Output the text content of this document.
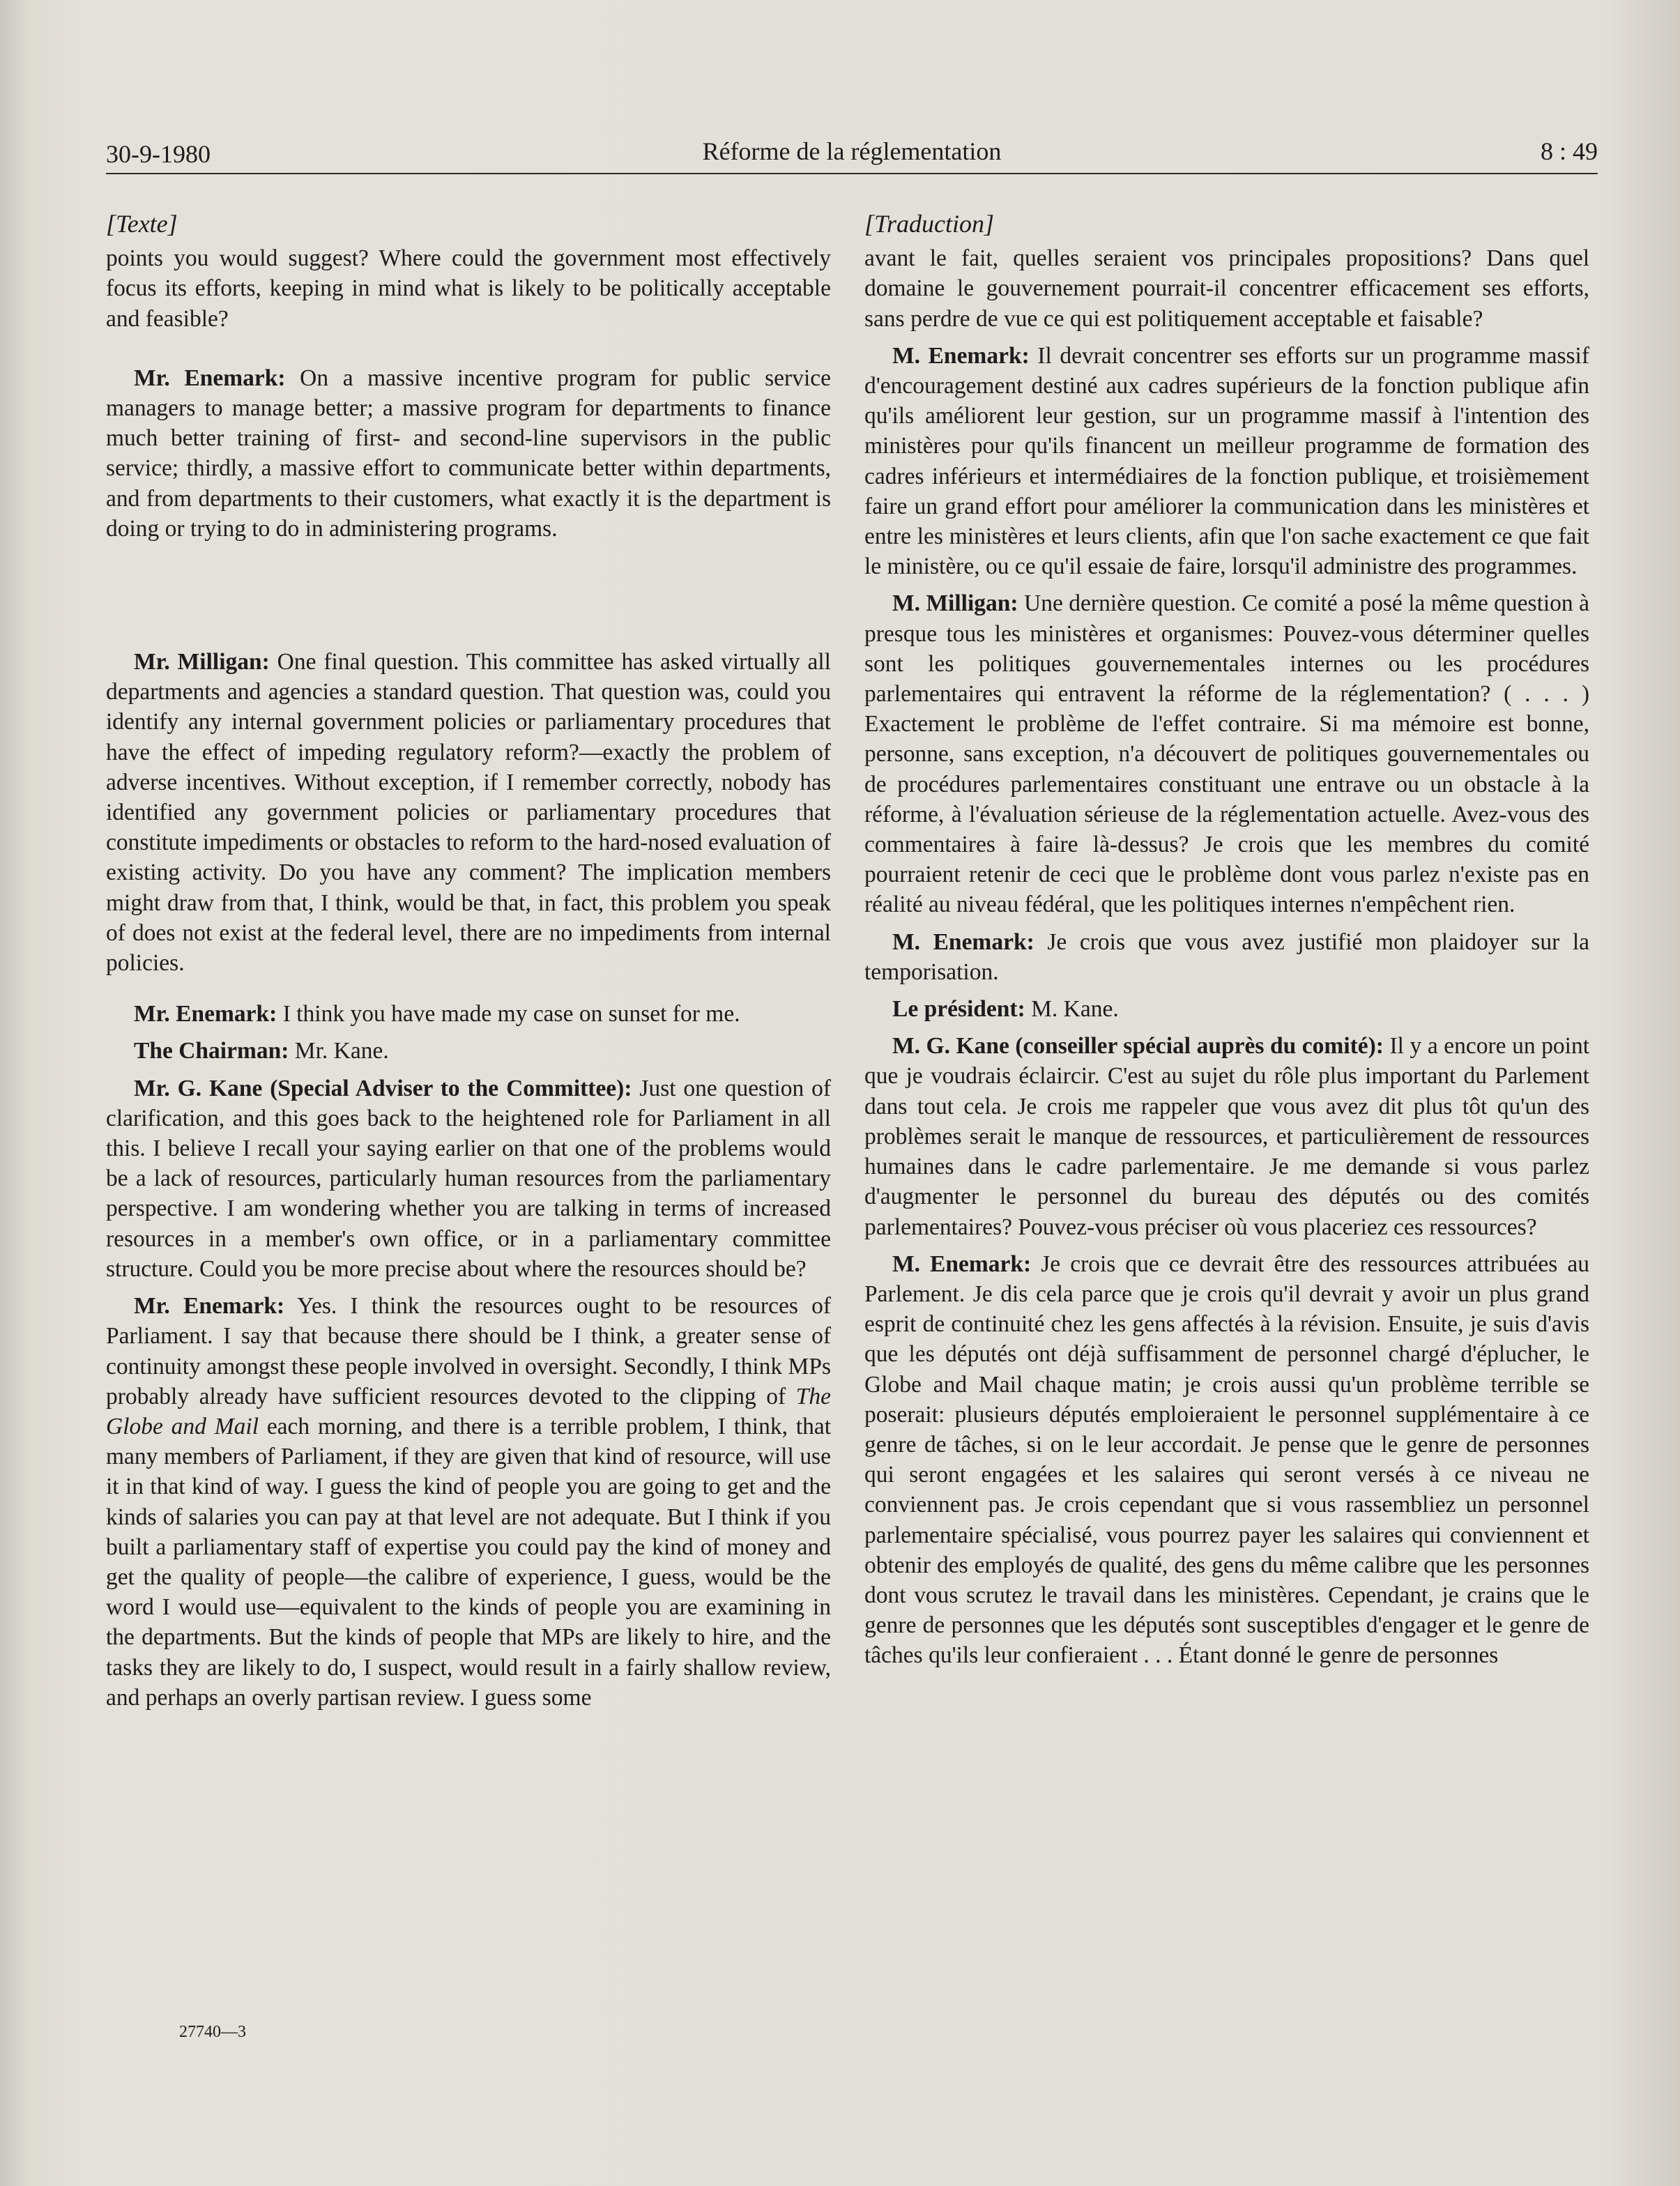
30-9-1980	Réforme de la réglementation	8 : 49

[Texte]

points you would suggest? Where could the government most effectively focus its efforts, keeping in mind what is likely to be politically acceptable and feasible?

Mr. Enemark: On a massive incentive program for public service managers to manage better; a massive program for departments to finance much better training of first- and second-line supervisors in the public service; thirdly, a massive effort to communicate better within departments, and from departments to their customers, what exactly it is the department is doing or trying to do in administering programs.

Mr. Milligan: One final question. This committee has asked virtually all departments and agencies a standard question. That question was, could you identify any internal government policies or parliamentary procedures that have the effect of impeding regulatory reform?—exactly the problem of adverse incentives. Without exception, if I remember correctly, nobody has identified any government policies or parliamentary procedures that constitute impediments or obstacles to reform to the hard-nosed evaluation of existing activity. Do you have any comment? The implication members might draw from that, I think, would be that, in fact, this problem you speak of does not exist at the federal level, there are no impediments from internal policies.

Mr. Enemark: I think you have made my case on sunset for me.

The Chairman: Mr. Kane.

Mr. G. Kane (Special Adviser to the Committee): Just one question of clarification, and this goes back to the heightened role for Parliament in all this. I believe I recall your saying earlier on that one of the problems would be a lack of resources, particularly human resources from the parliamentary perspective. I am wondering whether you are talking in terms of increased resources in a member's own office, or in a parliamentary committee structure. Could you be more precise about where the resources should be?

Mr. Enemark: Yes. I think the resources ought to be resources of Parliament. I say that because there should be I think, a greater sense of continuity amongst these people involved in oversight. Secondly, I think MPs probably already have sufficient resources devoted to the clipping of The Globe and Mail each morning, and there is a terrible problem, I think, that many members of Parliament, if they are given that kind of resource, will use it in that kind of way. I guess the kind of people you are going to get and the kinds of salaries you can pay at that level are not adequate. But I think if you built a parliamentary staff of expertise you could pay the kind of money and get the quality of people—the calibre of experience, I guess, would be the word I would use—equivalent to the kinds of people you are examining in the departments. But the kinds of people that MPs are likely to hire, and the tasks they are likely to do, I suspect, would result in a fairly shallow review, and perhaps an overly partisan review. I guess some

[Traduction]

avant le fait, quelles seraient vos principales propositions? Dans quel domaine le gouvernement pourrait-il concentrer efficacement ses efforts, sans perdre de vue ce qui est politiquement acceptable et faisable?

M. Enemark: Il devrait concentrer ses efforts sur un programme massif d'encouragement destiné aux cadres supérieurs de la fonction publique afin qu'ils améliorent leur gestion, sur un programme massif à l'intention des ministères pour qu'ils financent un meilleur programme de formation des cadres inférieurs et intermédiaires de la fonction publique, et troisièmement faire un grand effort pour améliorer la communication dans les ministères et entre les ministères et leurs clients, afin que l'on sache exactement ce que fait le ministère, ou ce qu'il essaie de faire, lorsqu'il administre des programmes.

M. Milligan: Une dernière question. Ce comité a posé la même question à presque tous les ministères et organismes: Pouvez-vous déterminer quelles sont les politiques gouvernementales internes ou les procédures parlementaires qui entravent la réforme de la réglementation? ( . . . ) Exactement le problème de l'effet contraire. Si ma mémoire est bonne, personne, sans exception, n'a découvert de politiques gouvernementales ou de procédures parlementaires constituant une entrave ou un obstacle à la réforme, à l'évaluation sérieuse de la réglementation actuelle. Avez-vous des commentaires à faire là-dessus? Je crois que les membres du comité pourraient retenir de ceci que le problème dont vous parlez n'existe pas en réalité au niveau fédéral, que les politiques internes n'empêchent rien.

M. Enemark: Je crois que vous avez justifié mon plaidoyer sur la temporisation.

Le président: M. Kane.

M. G. Kane (conseiller spécial auprès du comité): Il y a encore un point que je voudrais éclaircir. C'est au sujet du rôle plus important du Parlement dans tout cela. Je crois me rappeler que vous avez dit plus tôt qu'un des problèmes serait le manque de ressources, et particulièrement de ressources humaines dans le cadre parlementaire. Je me demande si vous parlez d'augmenter le personnel du bureau des députés ou des comités parlementaires? Pouvez-vous préciser où vous placeriez ces ressources?

M. Enemark: Je crois que ce devrait être des ressources attribuées au Parlement. Je dis cela parce que je crois qu'il devrait y avoir un plus grand esprit de continuité chez les gens affectés à la révision. Ensuite, je suis d'avis que les députés ont déjà suffisamment de personnel chargé d'éplucher, le Globe and Mail chaque matin; je crois aussi qu'un problème terrible se poserait: plusieurs députés emploieraient le personnel supplémentaire à ce genre de tâches, si on le leur accordait. Je pense que le genre de personnes qui seront engagées et les salaires qui seront versés à ce niveau ne conviennent pas. Je crois cependant que si vous rassembliez un personnel parlementaire spécialisé, vous pourrez payer les salaires qui conviennent et obtenir des employés de qualité, des gens du même calibre que les personnes dont vous scrutez le travail dans les ministères. Cependant, je crains que le genre de personnes que les députés sont susceptibles d'engager et le genre de tâches qu'ils leur confieraient . . . Étant donné le genre de personnes

27740—3
